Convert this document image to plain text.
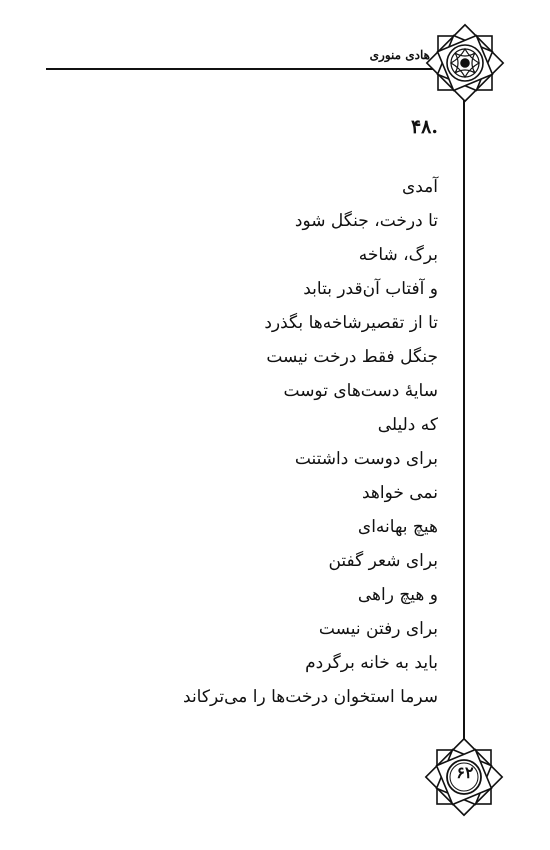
هادی منوری
.۴۸
آمدی
تا درخت، جنگل شود
برگ، شاخه
و آفتاب آن‌قدر بتابد
تا از تقصیرشاخه‌ها بگذرد
جنگل فقط درخت نیست
سایهٔ دست‌های توست
که دلیلی
برای دوست داشتنت
نمی خواهد
هیچ بهانه‌ای
برای شعر گفتن
و هیچ راهی
برای رفتن نیست
باید به خانه برگردم
سرما استخوان درخت‌ها را می‌ترکاند
۶۲
